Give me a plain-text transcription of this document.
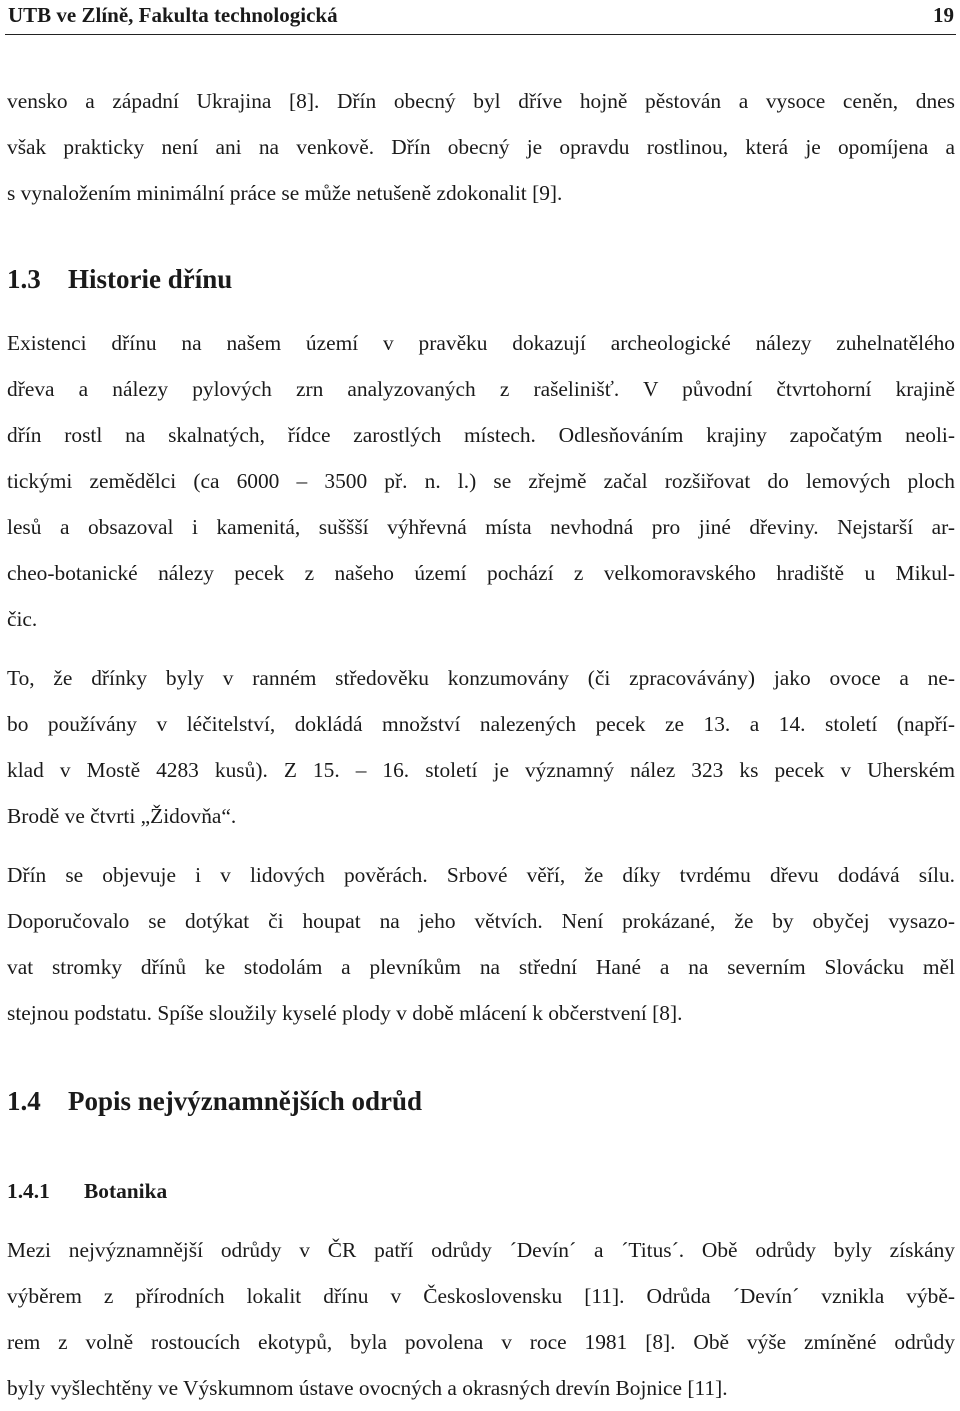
UTB ve Zlíně, Fakulta technologická	19
vensko a západní Ukrajina [8]. Dřín obecný byl dříve hojně pěstován a vysoce ceněn, dnes
však prakticky není ani na venkově. Dřín obecný je opravdu rostlinou, která je opomíjena a
s vynaložením minimální práce se může netušeně zdokonalit [9].
1.3 Historie dřínu
Existenci dřínu na našem území v pravěku dokazují archeologické nálezy zuhelnatělého
dřeva a nálezy pylových zrn analyzovaných z rašelinišť. V původní čtvrtohorní krajině
dřín rostl na skalnatých, řídce zarostlých místech. Odlesňováním krajiny započatým neoli-
tickými zemědělci (ca 6000 – 3500 př. n. l.) se zřejmě začal rozšiřovat do lemových ploch
lesů a obsazoval i kamenitá, suššší výhřevná místa nevhodná pro jiné dřeviny. Nejstarší ar-
cheo-botanické nálezy pecek z našeho území pochází z velkomoravského hradiště u Mikul-
čic.
To, že dřínky byly v ranném středověku konzumovány (či zpracovávány) jako ovoce a ne-
bo používány v léčitelství, dokládá množství nalezených pecek ze 13. a 14. století (napří-
klad v Mostě 4283 kusů). Z 15. – 16. století je významný nález 323 ks pecek v Uherském
Brodě ve čtvrti „Židovňa“.
Dřín se objevuje i v lidových pověrách. Srbové věří, že díky tvrdému dřevu dodává sílu.
Doporučovalo se dotýkat či houpat na jeho větvích. Není prokázané, že by obyčej vysazo-
vat stromky dřínů ke stodolám a plevníkům na střední Hané a na severním Slovácku měl
stejnou podstatu. Spíše sloužily kyselé plody v době mlácení k občerstvení [8].
1.4 Popis nejvýznamnějších odrůd
1.4.1 Botanika
Mezi nejvýznamnější odrůdy v ČR patří odrůdy ´Devín´ a ´Titus´. Obě odrůdy byly získány
výběrem z přírodních lokalit dřínu v Československu [11]. Odrůda ´Devín´ vznikla výbě-
rem z volně rostoucích ekotypů, byla povolena v roce 1981 [8]. Obě výše zmíněné odrůdy
byly vyšlechtěny ve Výskumnom ústave ovocných a okrasných drevín Bojnice [11].
